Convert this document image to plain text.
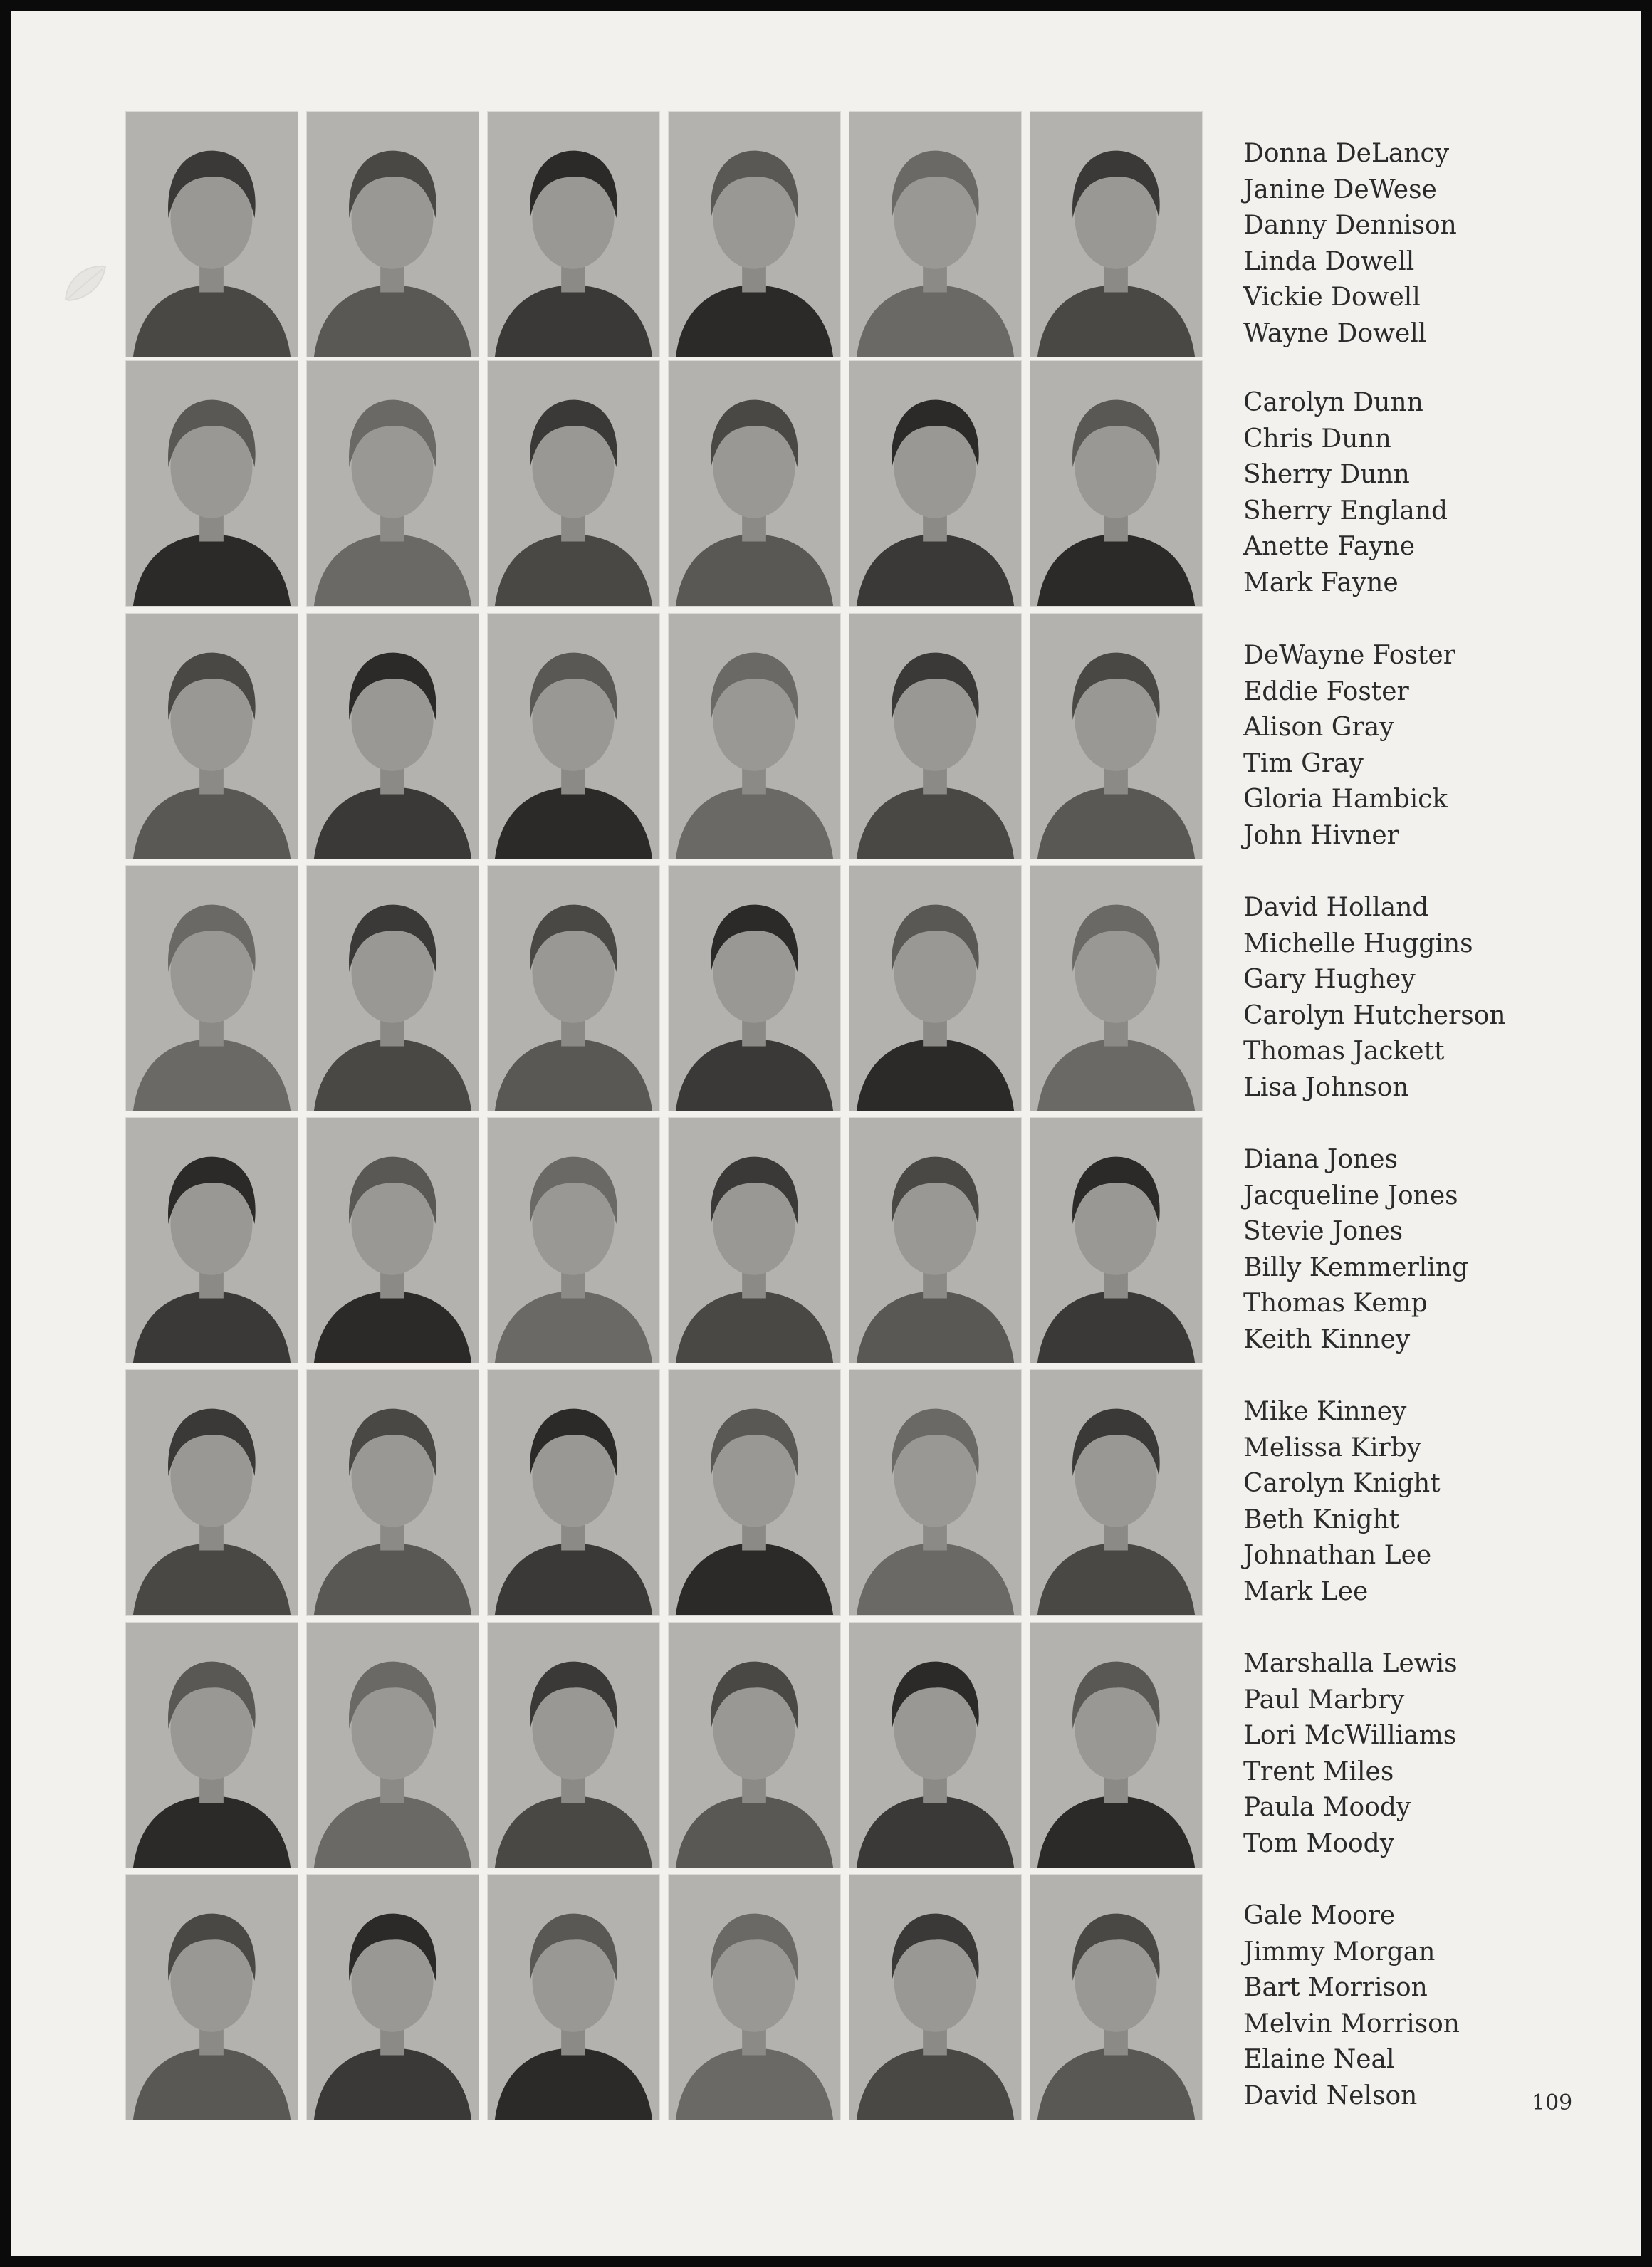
Donna DeLancy
Janine DeWese
Danny Dennison
Linda Dowell
Vickie Dowell
Wayne Dowell
Carolyn Dunn
Chris Dunn
Sherry Dunn
Sherry England
Anette Fayne
Mark Fayne
DeWayne Foster
Eddie Foster
Alison Gray
Tim Gray
Gloria Hambick
John Hivner
David Holland
Michelle Huggins
Gary Hughey
Carolyn Hutcherson
Thomas Jackett
Lisa Johnson
Diana Jones
Jacqueline Jones
Stevie Jones
Billy Kemmerling
Thomas Kemp
Keith Kinney
Mike Kinney
Melissa Kirby
Carolyn Knight
Beth Knight
Johnathan Lee
Mark Lee
Marshalla Lewis
Paul Marbry
Lori McWilliams
Trent Miles
Paula Moody
Tom Moody
Gale Moore
Jimmy Morgan
Bart Morrison
Melvin Morrison
Elaine Neal
David Nelson	109
